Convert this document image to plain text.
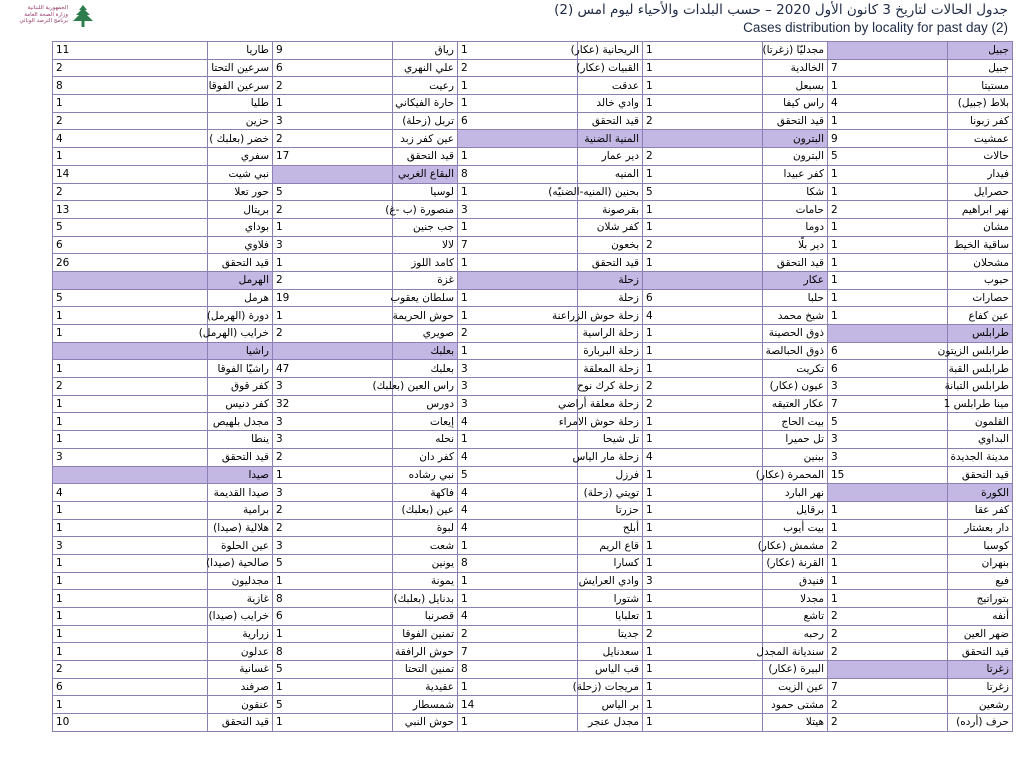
الجمهورية اللبنانية
وزارة الصحة العامة
برنامج الترصد الوبائي
جدول الحالات لتاريخ 3 كانون الأول 2020 – حسب البلدات والأحياء ليوم امس (2)
Cases distribution by locality for past day (2)
جبيل		مجدليّا (زغرتا)	1	الريحانية (عكار)	1	رياق	9	طاريا	11
جبيل	7	الخالدية	1	القبيات (عكار)	2	علي النهري	6	سرعين التحتا	2
مستيتا	1	بسبعل	1	عدقت	1	رعيت	2	سرعين الفوقا	8
بلاط (جبيل)	4	راس كيفا	1	وادي خالد	1	حارة الفيكاني	1	طليا	1
كفر زبونا	1	قيد التحقق	2	قيد التحقق	6	تربل (زحلة)	3	حزين	2
عمشيت	9	البترون		المنية الضنية		عين كفر زبد	2	خضر (بعلبك )	4
حالات	5	البترون	2	دير عمار	1	قيد التحقق	17	سفري	1
فيدار	1	كفر عبيدا	1	المنيه	8	البقاع الغربي		نبي شيت	14
حصرايل	1	شكا	5	بحنين (المنيه-الضنيّه)	1	لوسيا	5	حور تعلا	2
نهر ابراهيم	2	حامات	1	بقرصونة	3	منصورة (ب -غ)	2	بريتال	13
مشان	1	دوما	1	كفر شلان	1	جب جنين	1	بوداي	5
ساقية الخيط	1	دير بلّا	2	بخعون	7	لالا	3	فلاوي	6
مشحلان	1	قيد التحقق	1	قيد التحقق	1	كامد اللوز	1	قيد التحقق	26
حبوب	1	عكار		زحلة		غزة	2	الهرمل	
حصارات	1	حلبا	6	زحلة	1	سلطان يعقوب	19	هرمل	5
عين كفاع	1	شيخ محمد	4	زحلة حوش الزراعنة	1	حوش الحريمة	1	دورة (الهرمل)	1
طرابلس		ذوق الحصينة	1	زحلة الراسية	2	صويري	2	خرايب (الهرمل)	1
طرابلس الزيتون	6	ذوق الحبالصة	1	زحلة البربارة	1	بعلبك		راشيا	
طرابلس القبة	6	تكريت	1	زحلة المعلقة	3	بعلبك	47	راشيّا الفوقا	1
طرابلس التبانة	3	عيون (عكار)	2	زحلة كرك نوح	3	راس العين (بعلبك)	3	كفر قوق	2
مينا طرابلس 1	7	عكار العتيقه	2	زحلة معلقة أراضي	3	دورس	32	كفر دنيس	1
القلمون	5	بيت الحاج	1	زحلة حوش الامراء	4	إيعات	3	مجدل بلهيص	1
البداوي	3	تل حميرا	1	تل شيحا	1	نحله	3	ينطا	1
مدينة الجديدة	3	ببنين	4	زحلة مار الياس	4	كفر دان	2	قيد التحقق	3
قيد التحقق	15	المحمرة (عكار)	1	فرزل	5	نبي رشاده	1	صيدا	
الكورة		نهر البارد	1	تويتي (زحلة)	4	فاكهة	3	صيدا القديمة	4
كفر عقا	1	برقايل	1	حزرتا	4	عين (بعلبك)	2	برامية	1
دار بعشتار	1	بيت أيوب	1	أبلح	4	لبوة	2	هلالية (صيدا)	1
كوسبا	2	مشمش (عكار)	1	قاع الريم	1	شعت	3	عين الحلوة	3
بنهران	1	القرنة (عكار)	1	كسارا	8	يونين	5	صالحية (صيدا)	1
فيع	1	فنيدق	3	وادي العرايش	1	يمونة	1	مجدليون	1
بتوراتيج	1	مجدلا	1	شتورا	1	بدنايل (بعلبك)	8	غازية	1
أنفه	2	تاشع	1	تعلبايا	4	قصرنبا	6	خرايب (صيدا)	1
ضهر العين	2	رحبه	2	جديتا	2	تمنين الفوقا	1	زرارية	1
قيد التحقق	2	سنديانة المجدل	1	سعدنايل	7	حوش الرافقة	8	عدلون	1
زغرتا		البيرة (عكار)	1	قب الياس	8	تمنين التحتا	5	غسانية	2
زغرتا	7	عين الزيت	1	مريجات (زحلة)	1	عقيدية	1	صرفند	6
رشعين	2	مشتى حمود	1	بر الياس	14	شمسطار	5	عنقون	1
حرف (أرده)	2	هيتلا	1	مجدل عنجر	1	حوش النبي	1	قيد التحقق	10
